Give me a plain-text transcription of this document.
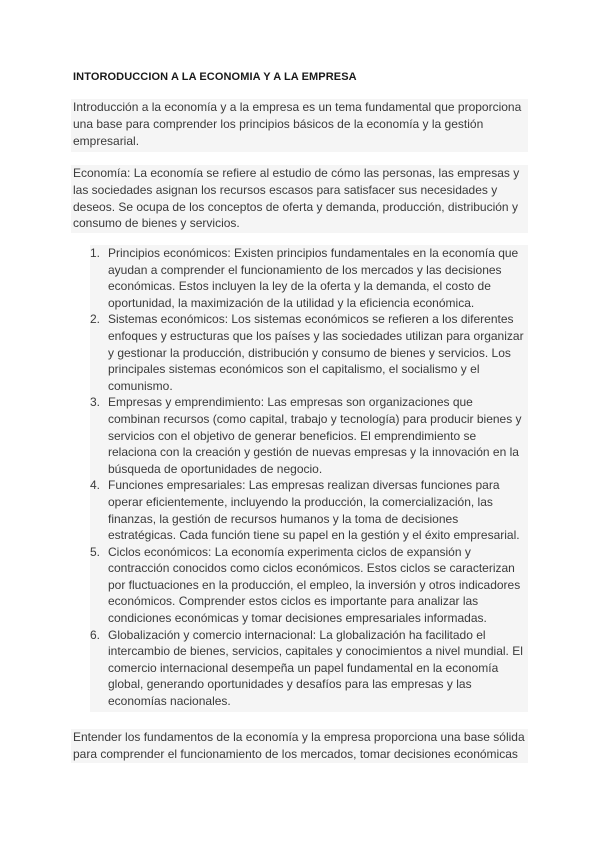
INTORODUCCION A LA ECONOMIA Y A LA EMPRESA
Introducción a la economía y a la empresa es un tema fundamental que proporciona una base para comprender los principios básicos de la economía y la gestión empresarial.
Economía: La economía se refiere al estudio de cómo las personas, las empresas y las sociedades asignan los recursos escasos para satisfacer sus necesidades y deseos. Se ocupa de los conceptos de oferta y demanda, producción, distribución y consumo de bienes y servicios.
1. Principios económicos: Existen principios fundamentales en la economía que ayudan a comprender el funcionamiento de los mercados y las decisiones económicas. Estos incluyen la ley de la oferta y la demanda, el costo de oportunidad, la maximización de la utilidad y la eficiencia económica.
2. Sistemas económicos: Los sistemas económicos se refieren a los diferentes enfoques y estructuras que los países y las sociedades utilizan para organizar y gestionar la producción, distribución y consumo de bienes y servicios. Los principales sistemas económicos son el capitalismo, el socialismo y el comunismo.
3. Empresas y emprendimiento: Las empresas son organizaciones que combinan recursos (como capital, trabajo y tecnología) para producir bienes y servicios con el objetivo de generar beneficios. El emprendimiento se relaciona con la creación y gestión de nuevas empresas y la innovación en la búsqueda de oportunidades de negocio.
4. Funciones empresariales: Las empresas realizan diversas funciones para operar eficientemente, incluyendo la producción, la comercialización, las finanzas, la gestión de recursos humanos y la toma de decisiones estratégicas. Cada función tiene su papel en la gestión y el éxito empresarial.
5. Ciclos económicos: La economía experimenta ciclos de expansión y contracción conocidos como ciclos económicos. Estos ciclos se caracterizan por fluctuaciones en la producción, el empleo, la inversión y otros indicadores económicos. Comprender estos ciclos es importante para analizar las condiciones económicas y tomar decisiones empresariales informadas.
6. Globalización y comercio internacional: La globalización ha facilitado el intercambio de bienes, servicios, capitales y conocimientos a nivel mundial. El comercio internacional desempeña un papel fundamental en la economía global, generando oportunidades y desafíos para las empresas y las economías nacionales.
Entender los fundamentos de la economía y la empresa proporciona una base sólida para comprender el funcionamiento de los mercados, tomar decisiones económicas
